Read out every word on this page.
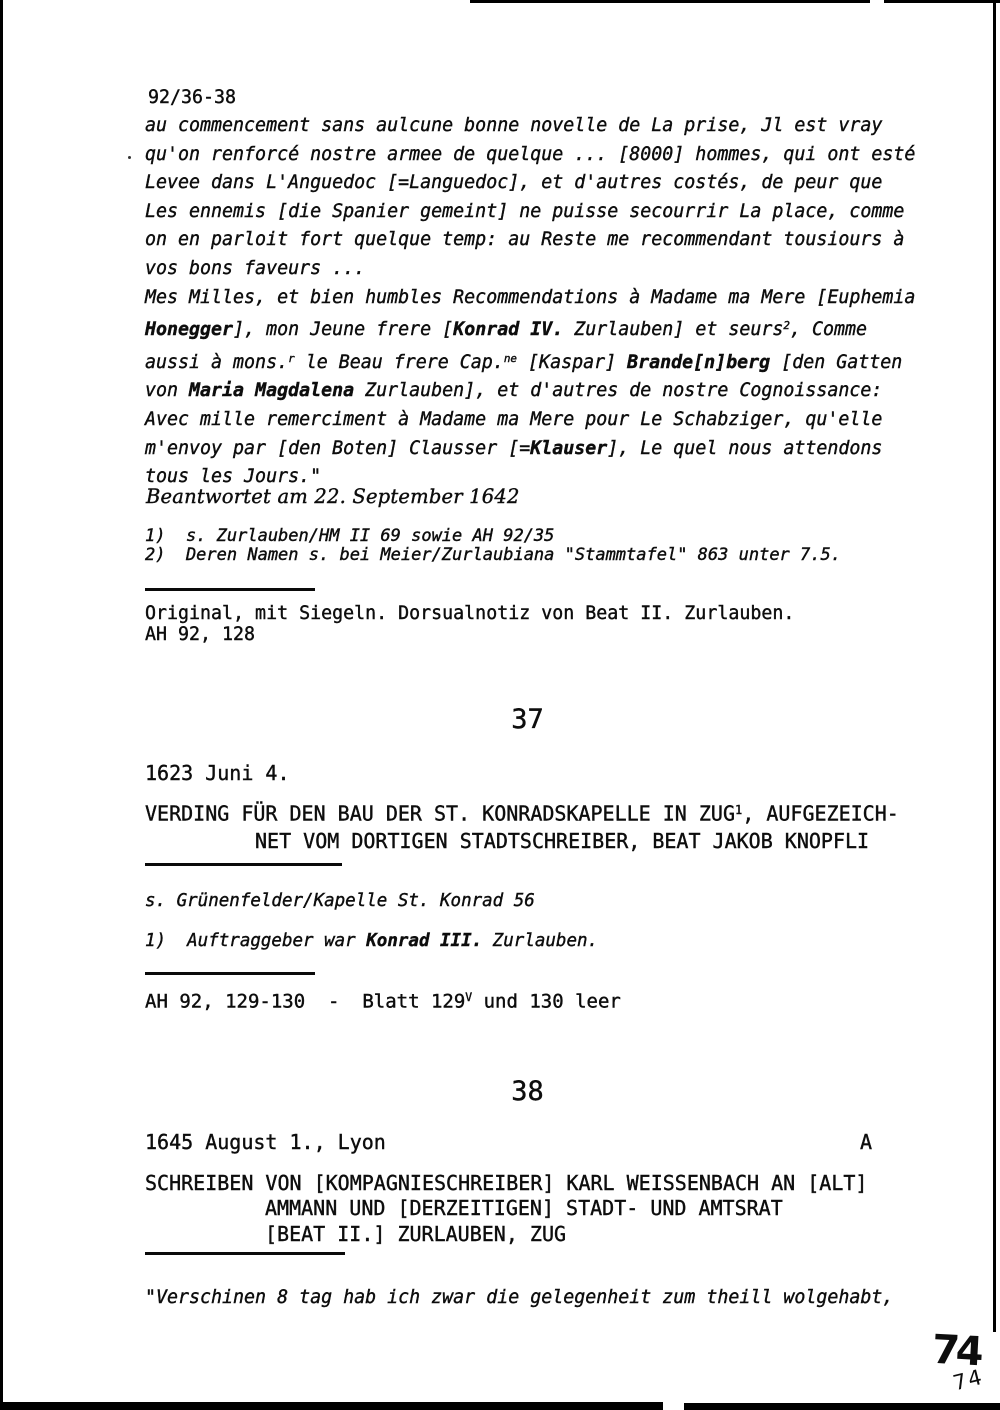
92/36-38
au commencement sans aulcune bonne novelle de La prise, Jl est vray
qu'on renforcé nostre armee de quelque ... [8000] hommes, qui ont esté
Levee dans L'Anguedoc [=Languedoc], et d'autres costés, de peur que
Les ennemis [die Spanier gemeint] ne puisse secourrir La place, comme
on en parloit fort quelque temp: au Reste me recommendant tousiours à
vos bons faveurs ...
Mes Milles, et bien humbles Recommendations à Madame ma Mere [Euphemia
Honegger], mon Jeune frere [Konrad IV. Zurlauben] et seurs$^2$, Comme
aussi à mons.$^r$ le Beau frere Cap.$^{ne}$ [Kaspar] Brande[n]berg [den Gatten
von Maria Magdalena Zurlauben], et d'autres de nostre Cognoissance:
Avec mille remerciment à Madame ma Mere pour Le Schabziger, qu'elle
m'envoy par [den Boten] Clausser [=Klauser], Le quel nous attendons
tous les Jours."
Beantwortet am 22. September 1642
1)  s. Zurlauben/HM II 69 sowie AH 92/35
2)  Deren Namen s. bei Meier/Zurlaubiana "Stammtafel" 863 unter 7.5.
Original, mit Siegeln. Dorsualnotiz von Beat II. Zurlauben.
AH 92, 128
37
1623 Juni 4.
VERDING FÜR DEN BAU DER ST. KONRADSKAPELLE IN ZUG$^1$, AUFGEZEICH-
NET VOM DORTIGEN STADTSCHREIBER, BEAT JAKOB KNOPFLI
s. Grünenfelder/Kapelle St. Konrad 56
1)  Auftraggeber war Konrad III. Zurlauben.
AH 92, 129-130  -  Blatt $129^V$ und 130 leer
38
1645 August 1., Lyon	A
SCHREIBEN VON [KOMPAGNIESCHREIBER] KARL WEISSENBACH AN [ALT]
AMMANN UND [DERZEITIGEN] STADT- UND AMTSRAT
[BEAT II.] ZURLAUBEN, ZUG
"Verschinen 8 tag hab ich zwar die gelegenheit zum theill wolgehabt,
74
74
